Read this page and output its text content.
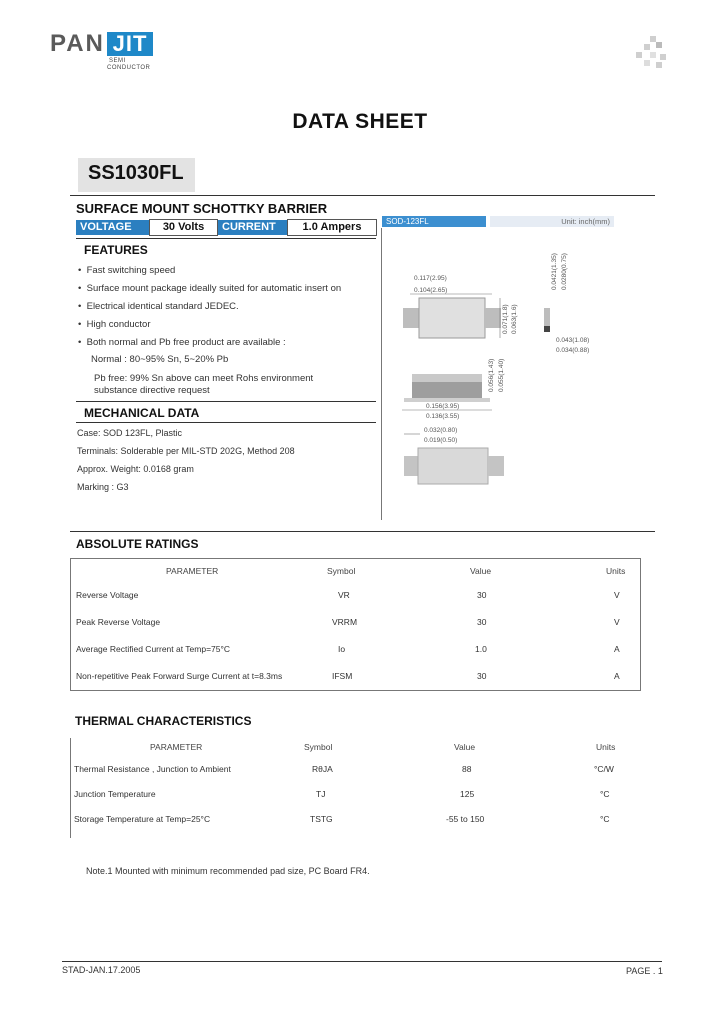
PAN JIT
SEMI
CONDUCTOR
DATA SHEET
SS1030FL
SURFACE MOUNT SCHOTTKY BARRIER
VOLTAGE	30 Volts	CURRENT	1.0 Ampers	SOD-123FL	Unit: inch(mm)
0.117(2.95)
0.104(2.65)
0.0421(1.35) 0.0280(0.75)
0.071(1.8) 0.063(1.6)
0.043(1.08)
0.034(0.88)
0.056(1.43) 0.055(1.40)
0.156(3.95)
0.136(3.55)
0.032(0.80)
0.019(0.50)
FEATURES
•  Fast switching speed
•  Surface mount package ideally suited for automatic insert on
•  Electrical identical standard JEDEC.
•  High conductor
•  Both normal and Pb free product are available :
Normal : 80~95% Sn, 5~20% Pb
Pb free: 99% Sn above can meet Rohs environment
substance directive request
MECHANICAL DATA
Case: SOD 123FL, Plastic
Terminals: Solderable per MIL-STD 202G, Method 208
Approx. Weight: 0.0168 gram
Marking : G3
ABSOLUTE RATINGS
PARAMETER	Symbol	Value	Units
Reverse Voltage	VR	30	V
Peak Reverse Voltage	VRRM	30	V
Average Rectified Current at Temp=75°C	Io	1.0	A
Non-repetitive Peak Forward Surge Current at t=8.3ms	IFSM	30	A
THERMAL CHARACTERISTICS
PARAMETER	Symbol	Value	Units
Thermal Resistance , Junction to Ambient	RθJA	88	°C/W
Junction Temperature	TJ	125	°C
Storage Temperature at Temp=25°C	TSTG	-55 to 150	°C
Note.1 Mounted with minimum recommended pad size, PC Board FR4.
STAD-JAN.17.2005	PAGE . 1
